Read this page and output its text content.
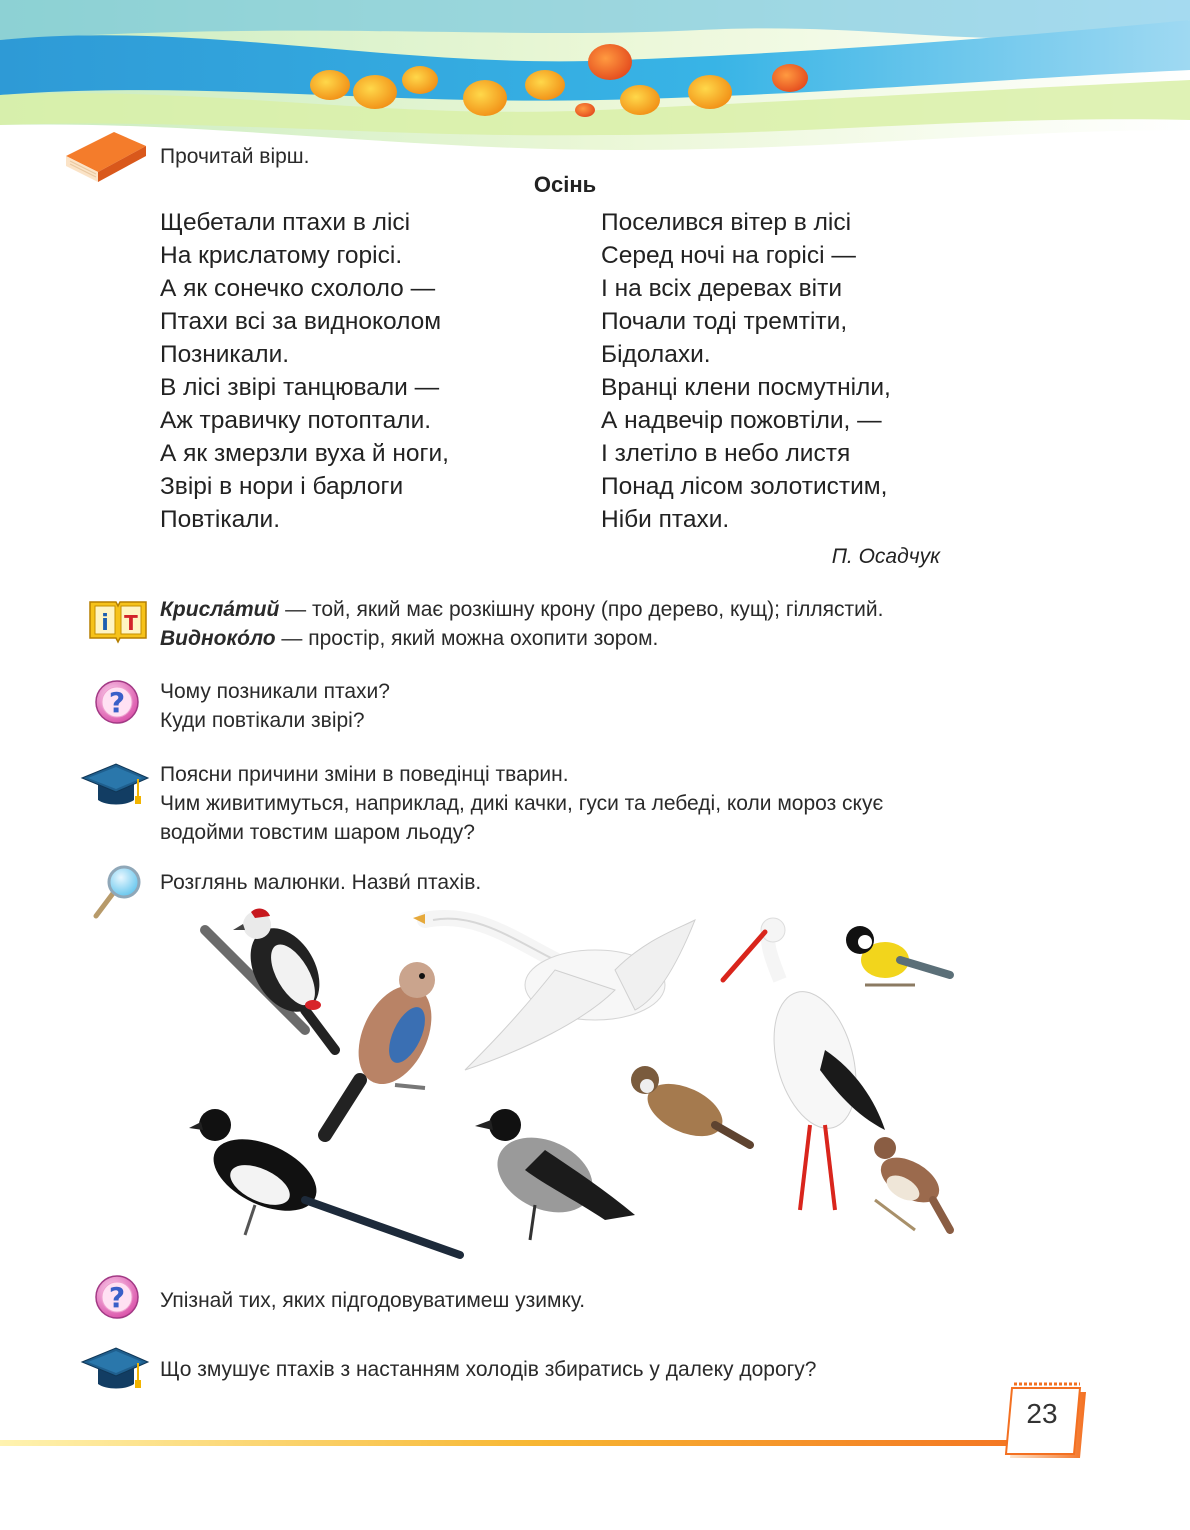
Прочитай вірш.
Осінь
Щебетали птахи в лісі
На крислатому горісі.
А як сонечко схололо —
Птахи всі за видноколом
Позникали.
В лісі звірі танцювали —
Аж травичку потоптали.
А як змерзли вуха й ноги,
Звірі в нори і барлоги
Повтікали.
Поселився вітер в лісі
Серед ночі на горісі —
І на всіх деревах віти
Почали тоді тремтіти,
Бідолахи.
Вранці клени посмутніли,
А надвечір пожовтіли, —
І злетіло в небо листя
Понад лісом золотистим,
Ніби птахи.
П. Осадчук
i T
Крисла́тий — той, який має розкішну крону (про дерево, кущ); гіллястий.
Видноко́ло — простір, який можна охопити зором.
? Чому позникали птахи?
Куди повтікали звірі?
Поясни причини зміни в поведінці тварин.
Чим живитимуться, наприклад, дикі качки, гуси та лебеді, коли мороз скує
водойми товстим шаром льоду?
Розглянь малюнки. Назви́ птахів.
? Упізнай тих, яких підгодовуватимеш узимку.
Що змушує птахів з настанням холодів збиратись у далеку дорогу?
23
